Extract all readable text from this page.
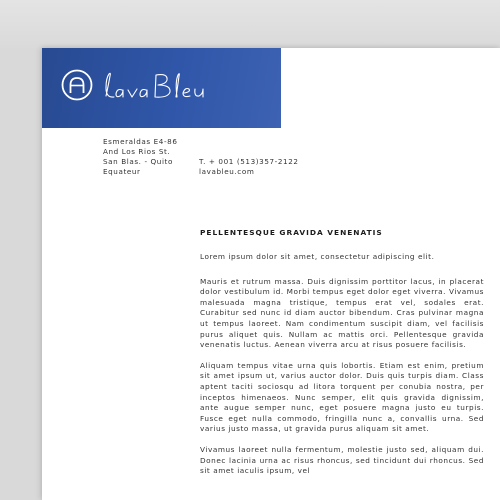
Esmeraldas E4-86
And Los Rios St.
San Blas. - Quito
Equateur
T. + 001 (513)357-2122
lavableu.com
PELLENTESQUE GRAVIDA VENENATIS

Lorem ipsum dolor sit amet, consectetur adipiscing elit.

Mauris et rutrum massa. Duis dignissim porttitor lacus, in placerat dolor vestibulum id. Morbi tempus eget dolor eget viverra. Vivamus malesuada magna tristique, tempus erat vel, sodales erat. Curabitur sed nunc id diam auctor bibendum. Cras pulvinar magna ut tempus laoreet. Nam condimentum suscipit diam, vel facilisis purus aliquet quis. Nullam ac mattis orci. Pellentesque gravida venenatis luctus. Aenean viverra arcu at risus posuere facilisis.

Aliquam tempus vitae urna quis lobortis. Etiam est enim, pretium sit amet ipsum ut, varius auctor dolor. Duis quis turpis diam. Class aptent taciti sociosqu ad litora torquent per conubia nostra, per inceptos himenaeos. Nunc semper, elit quis gravida dignissim, ante augue semper nunc, eget posuere magna justo eu turpis. Fusce eget nulla commodo, fringilla nunc a, convallis urna. Sed varius justo massa, ut gravida purus aliquam sit amet.

Vivamus laoreet nulla fermentum, molestie justo sed, aliquam dui. Donec lacinia urna ac risus rhoncus, sed tincidunt dui rhoncus. Sed sit amet iaculis ipsum, vel
